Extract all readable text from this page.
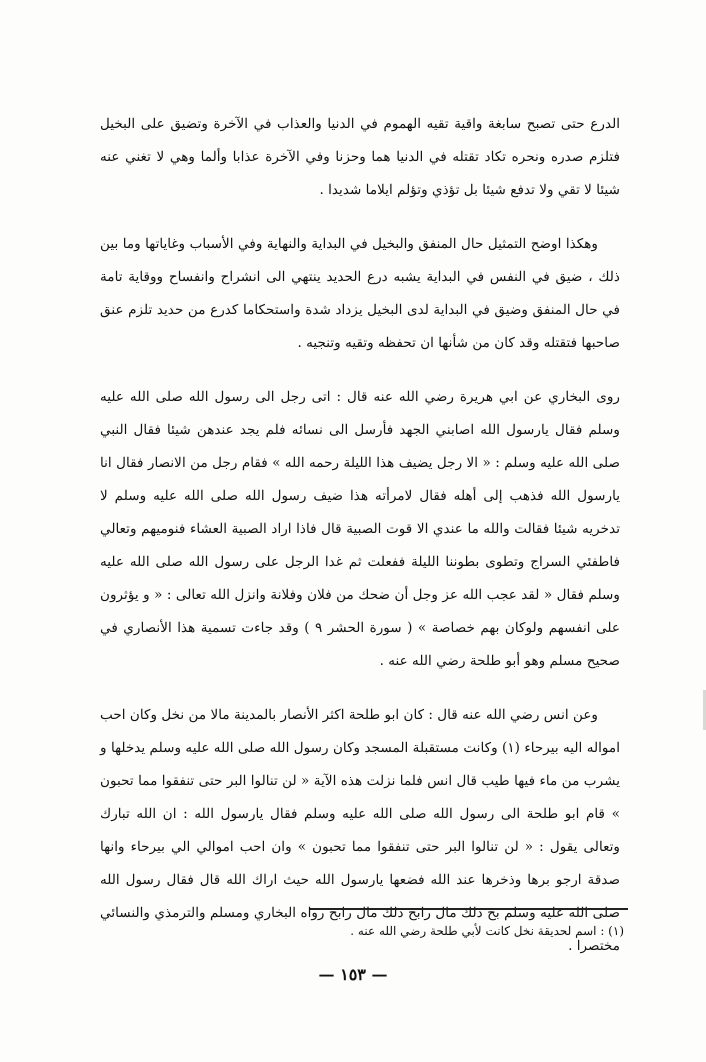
الدرع حتى تصبح سابغة واقية تقيه الهموم في الدنيا والعذاب في الآخرة وتضيق على البخيل فتلزم صدره ونحره تكاد تقتله في الدنيا هما وحزنا وفي الآخرة عذابا وألما وهي لا تغني عنه شيئا لا تقي ولا تدفع شيئا بل تؤذي وتؤلم ايلاما شديدا .

وهكذا اوضح التمثيل حال المنفق والبخيل في البداية والنهاية وفي الأسباب وغاياتها وما بين ذلك ، ضيق في النفس في البداية يشبه درع الحديد ينتهي الى انشراح وانفساح ووقاية تامة في حال المنفق وضيق في البداية لدى البخيل يزداد شدة واستحكاما كدرع من حديد تلزم عنق صاحبها فتقتله وقد كان من شأنها ان تحفظه وتقيه وتنجيه .

روى البخاري عن ابي هريرة رضي الله عنه قال : اتى رجل الى رسول الله صلى الله عليه وسلم فقال يارسول الله اصابني الجهد فأرسل الى نسائه فلم يجد عندهن شيئا فقال النبي صلى الله عليه وسلم : « الا رجل يضيف هذا الليلة رحمه الله » فقام رجل من الانصار فقال انا يارسول الله فذهب إلى أهله فقال لامرأته هذا ضيف رسول الله صلى الله عليه وسلم لا تدخريه شيئا فقالت والله ما عندي الا قوت الصبية قال فاذا اراد الصبية العشاء فنوميهم وتعالي فاطفئي السراج وتطوى بطوننا الليلة ففعلت ثم غدا الرجل على رسول الله صلى الله عليه وسلم فقال « لقد عجب الله عز وجل أن ضحك من فلان وفلانة وانزل الله تعالى : « و يؤثرون على انفسهم ولوكان بهم خصاصة » ( سورة الحشر ٩ ) وقد جاءت تسمية هذا الأنصاري في صحيح مسلم وهو أبو طلحة رضي الله عنه .

وعن انس رضي الله عنه قال : كان ابو طلحة اكثر الأنصار بالمدينة مالا من نخل وكان احب امواله اليه بيرحاء (١) وكانت مستقبلة المسجد وكان رسول الله صلى الله عليه وسلم يدخلها و يشرب من ماء فيها طيب قال انس فلما نزلت هذه الآية « لن تنالوا البر حتى تنفقوا مما تحبون » قام ابو طلحة الى رسول الله صلى الله عليه وسلم فقال يارسول الله : ان الله تبارك وتعالى يقول : « لن تنالوا البر حتى تنفقوا مما تحبون » وان احب اموالي الي بيرحاء وانها صدقة ارجو برها وذخرها عند الله فضعها يارسول الله حيث اراك الله قال فقال رسول الله صلى الله عليه وسلم بخ ذلك مال رابح ذلك مال رابح رواه البخاري ومسلم والترمذي والنسائي مختصرا .

(١) : اسم لحديقة نخل كانت لأبي طلحة رضي الله عنه .
— ١٥٣ —
